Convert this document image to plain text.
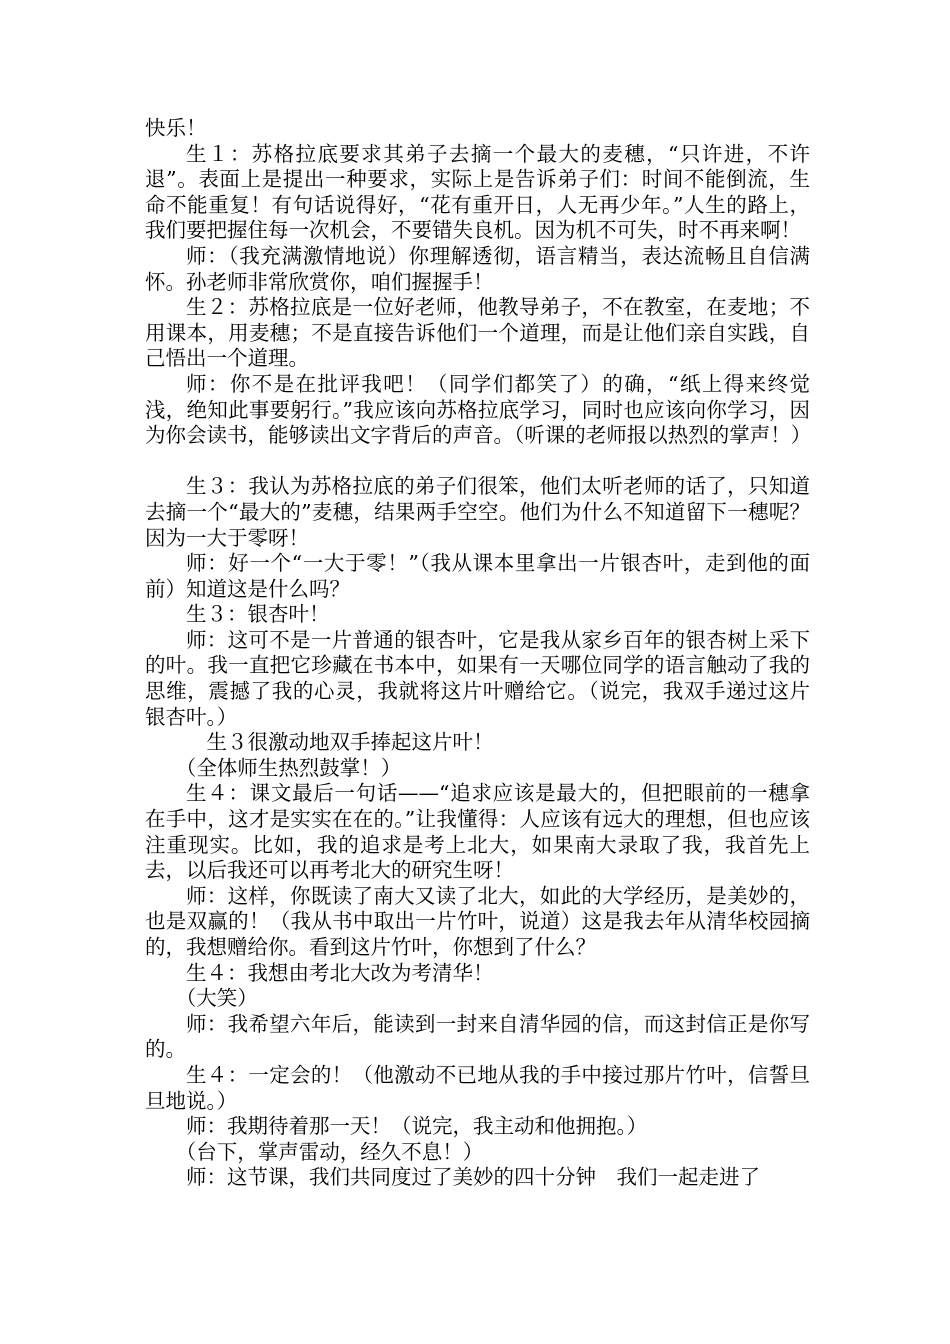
快乐！

生１：苏格拉底要求其弟子去摘一个最大的麦穗，“只许进，不许退”。表面上是提出一种要求，实际上是告诉弟子们：时间不能倒流，生命不能重复！有句话说得好，“花有重开日，人无再少年。”人生的路上，我们要把握住每一次机会，不要错失良机。因为机不可失，时不再来啊！

师：（我充满激情地说）你理解透彻，语言精当，表达流畅且自信满怀。孙老师非常欣赏你，咱们握握手！

生２：苏格拉底是一位好老师，他教导弟子，不在教室，在麦地；不用课本，用麦穗；不是直接告诉他们一个道理，而是让他们亲自实践，自己悟出一个道理。

师：你不是在批评我吧！（同学们都笑了）的确，“纸上得来终觉浅，绝知此事要躬行。”我应该向苏格拉底学习，同时也应该向你学习，因为你会读书，能够读出文字背后的声音。（听课的老师报以热烈的掌声！）

生３：我认为苏格拉底的弟子们很笨，他们太听老师的话了，只知道去摘一个“最大的”麦穗，结果两手空空。他们为什么不知道留下一穗呢？因为一大于零呀！

师：好一个“一大于零！”（我从课本里拿出一片银杏叶，走到他的面前）知道这是什么吗？

生３：银杏叶！

师：这可不是一片普通的银杏叶，它是我从家乡百年的银杏树上采下的叶。我一直把它珍藏在书本中，如果有一天哪位同学的语言触动了我的思维，震撼了我的心灵，我就将这片叶赠给它。（说完，我双手递过这片银杏叶。）

生３很激动地双手捧起这片叶！

（全体师生热烈鼓掌！）

生４：课文最后一句话——“追求应该是最大的，但把眼前的一穗拿在手中，这才是实实在在的。”让我懂得：人应该有远大的理想，但也应该注重现实。比如，我的追求是考上北大，如果南大录取了我，我首先上去，以后我还可以再考北大的研究生呀！

师：这样，你既读了南大又读了北大，如此的大学经历，是美妙的，也是双赢的！（我从书中取出一片竹叶，说道）这是我去年从清华校园摘的，我想赠给你。看到这片竹叶，你想到了什么？

生４：我想由考北大改为考清华！

（大笑）

师：我希望六年后，能读到一封来自清华园的信，而这封信正是你写的。

生４：一定会的！（他激动不已地从我的手中接过那片竹叶，信誓旦旦地说。）

师：我期待着那一天！（说完，我主动和他拥抱。）

（台下，掌声雷动，经久不息！）

师：这节课，我们共同度过了美妙的四十分钟　我们一起走进了
